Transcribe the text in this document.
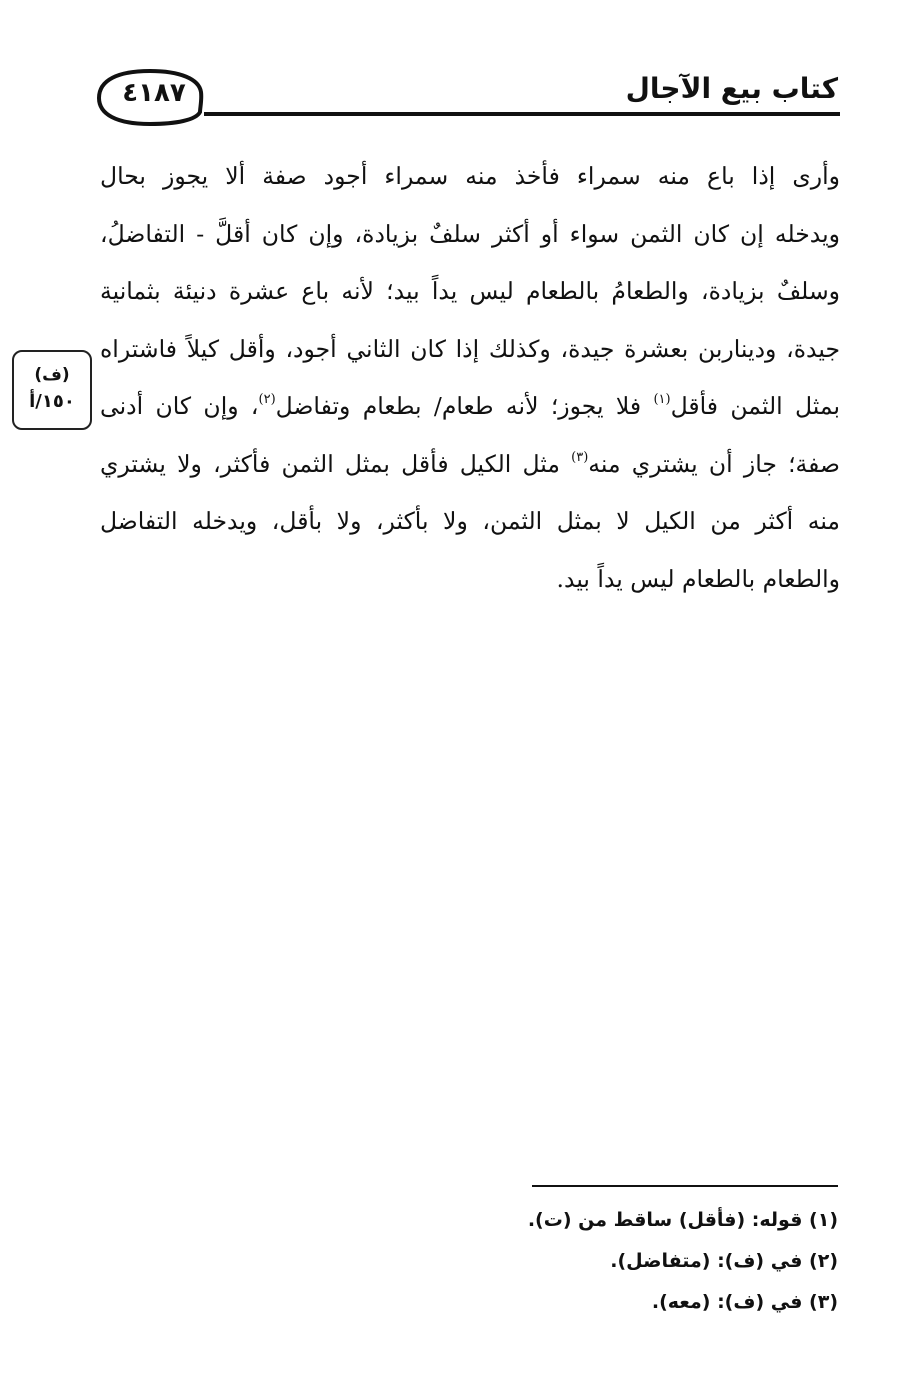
٤١٨٧	كتاب بيع الآجال
(ف)
١٥٠/أ
وأرى إذا باع منه سمراء فأخذ منه سمراء أجود صفة ألا يجوز بحال
ويدخله إن كان الثمن سواء أو أكثر سلفٌ بزيادة، وإن كان أقلَّ - التفاضلُ،
وسلفٌ بزيادة، والطعامُ بالطعام ليس يداً بيد؛ لأنه باع عشرة دنيئة بثمانية
جيدة، وديناربن بعشرة جيدة، وكذلك إذا كان الثاني أجود، وأقل كيلاً فاشتراه
بمثل الثمن فأقل$^{(١)}$ فلا يجوز؛ لأنه طعام/ بطعام وتفاضل$^{(٢)}$، وإن كان أدنى
صفة؛ جاز أن يشتري منه$^{(٣)}$ مثل الكيل فأقل بمثل الثمن فأكثر، ولا يشتري
منه أكثر من الكيل لا بمثل الثمن، ولا بأكثر، ولا بأقل، ويدخله التفاضل
والطعام بالطعام ليس يداً بيد.
(١) قوله: (فأقل) ساقط من (ت).
(٢) في (ف): (متفاضل).
(٣) في (ف): (معه).
